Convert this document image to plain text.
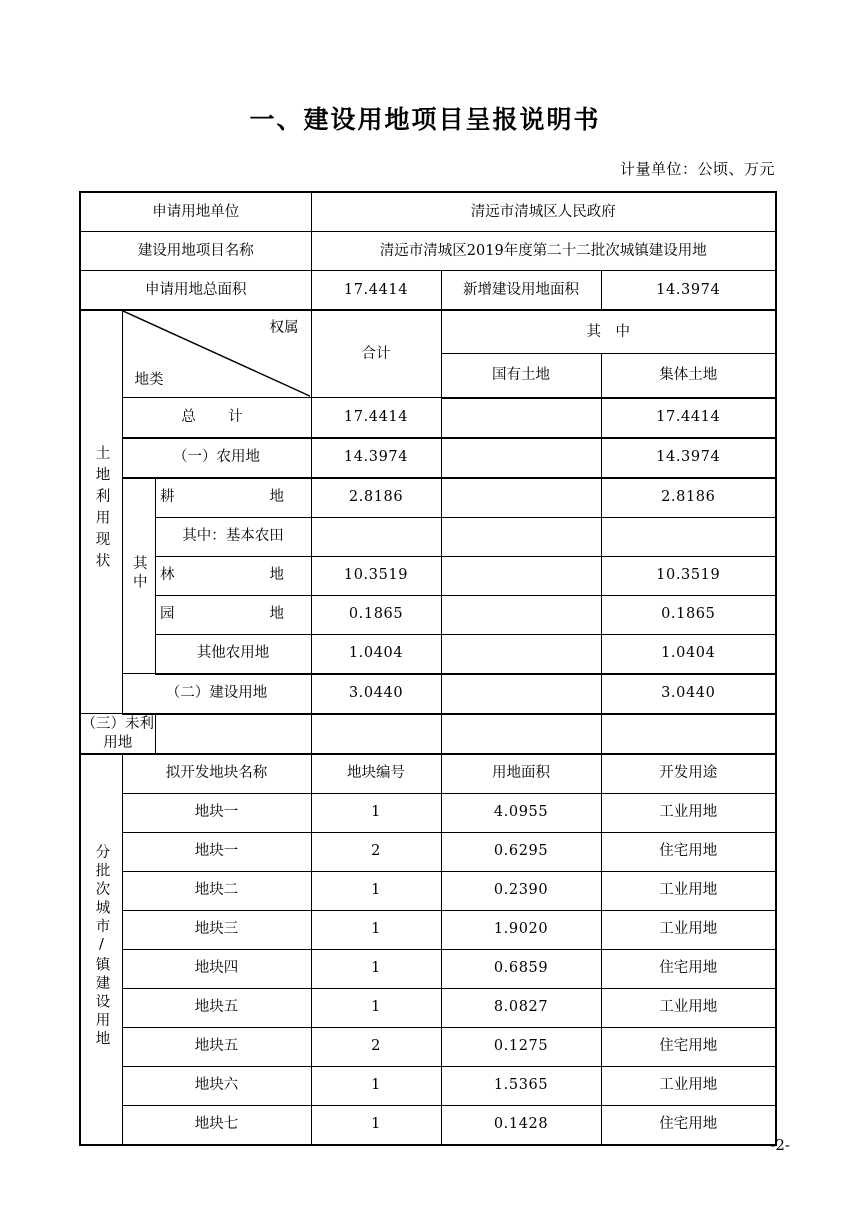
一、建设用地项目呈报说明书
计量单位：公顷、万元
申请用地单位			清远市清城区人民政府		
建设用地项目名称			清远市清城区2019年度第二十二批次城镇建设用地		
申请用地总面积			17.4414	新增建设用地面积	14.3974
土地利用现状	权属
地类		合计	其　中	
				国有土地	集体土地
	总　计		17.4414		17.4414
	（一）农用地		14.3974		14.3974
	其中	耕　　地	2.8186		2.8186
		其中：基本农田			
		林　　地	10.3519		10.3519
		园　　地	0.1865		0.1865
		其他农用地	1.0404		1.0404
	（二）建设用地		3.0440		3.0440
（三）未利用地					
分批次城市/镇建设用地	拟开发地块名称		地块编号	用地面积	开发用途
	地块一		1	4.0955	工业用地
	地块一		2	0.6295	住宅用地
	地块二		1	0.2390	工业用地
	地块三		1	1.9020	工业用地
	地块四		1	0.6859	住宅用地
	地块五		1	8.0827	工业用地
	地块五		2	0.1275	住宅用地
	地块六		1	1.5365	工业用地
	地块七		1	0.1428	住宅用地
-2-
